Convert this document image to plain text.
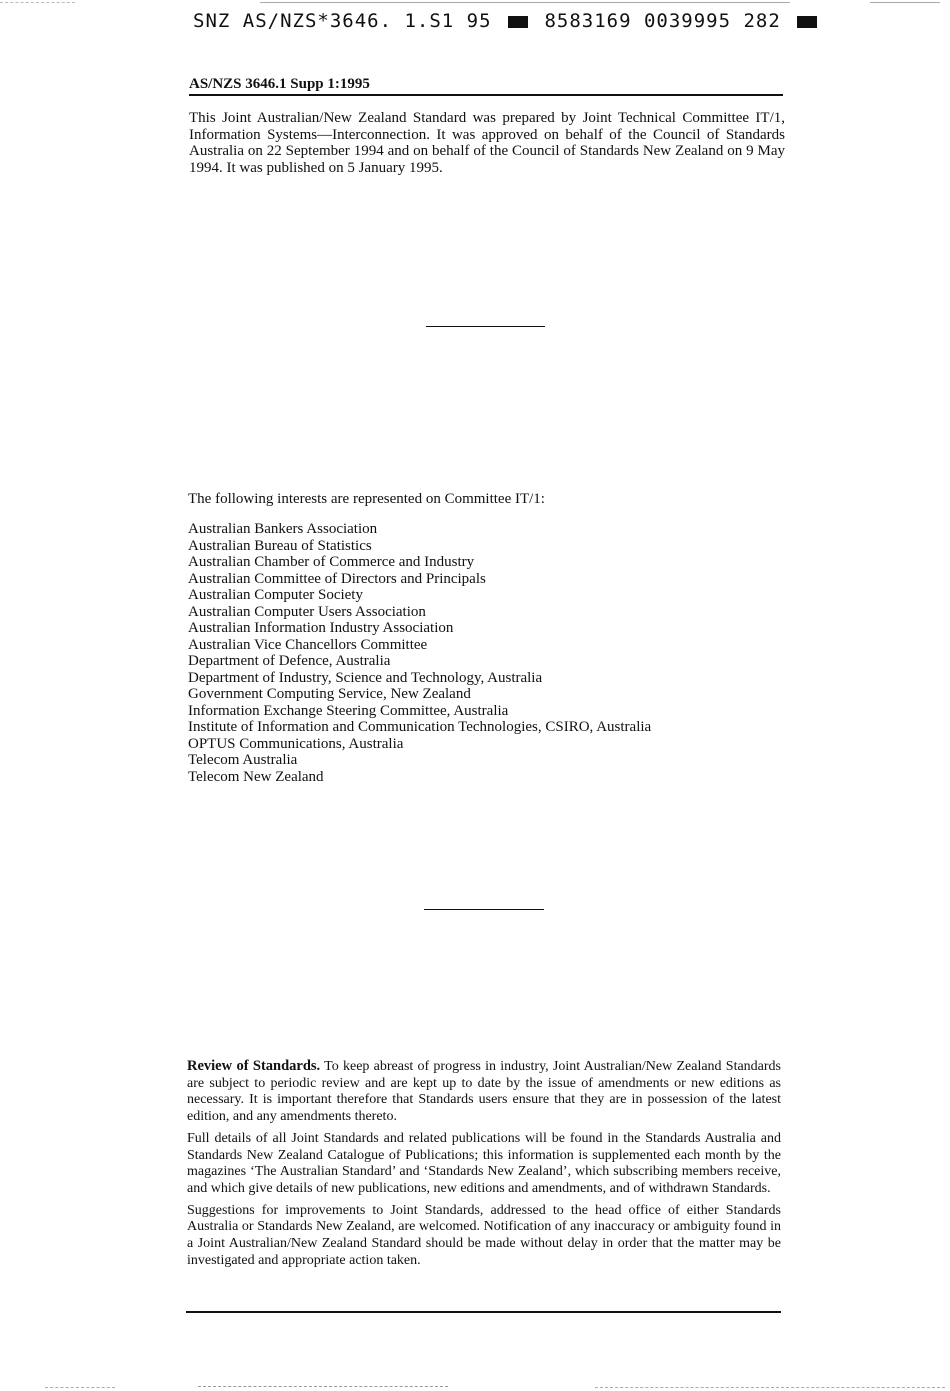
SNZ AS/NZS*3646. 1.S1 95	8583169 0039995 282
AS/NZS 3646.1 Supp 1:1995
This Joint Australian/New Zealand Standard was prepared by Joint Technical Committee IT/1, Information Systems—Interconnection. It was approved on behalf of the Council of Standards Australia on 22 September 1994 and on behalf of the Council of Standards New Zealand on 9 May 1994. It was published on 5 January 1995.
The following interests are represented on Committee IT/1:
Australian Bankers Association
Australian Bureau of Statistics
Australian Chamber of Commerce and Industry
Australian Committee of Directors and Principals
Australian Computer Society
Australian Computer Users Association
Australian Information Industry Association
Australian Vice Chancellors Committee
Department of Defence, Australia
Department of Industry, Science and Technology, Australia
Government Computing Service, New Zealand
Information Exchange Steering Committee, Australia
Institute of Information and Communication Technologies, CSIRO, Australia
OPTUS Communications, Australia
Telecom Australia
Telecom New Zealand

Review of Standards. To keep abreast of progress in industry, Joint Australian/New Zealand Standards are subject to periodic review and are kept up to date by the issue of amendments or new editions as necessary. It is important therefore that Standards users ensure that they are in possession of the latest edition, and any amendments thereto.

Full details of all Joint Standards and related publications will be found in the Standards Australia and Standards New Zealand Catalogue of Publications; this information is supplemented each month by the magazines ‘The Australian Standard’ and ‘Standards New Zealand’, which subscribing members receive, and which give details of new publications, new editions and amendments, and of withdrawn Standards.

Suggestions for improvements to Joint Standards, addressed to the head office of either Standards Australia or Standards New Zealand, are welcomed. Notification of any inaccuracy or ambiguity found in a Joint Australian/New Zealand Standard should be made without delay in order that the matter may be investigated and appropriate action taken.
